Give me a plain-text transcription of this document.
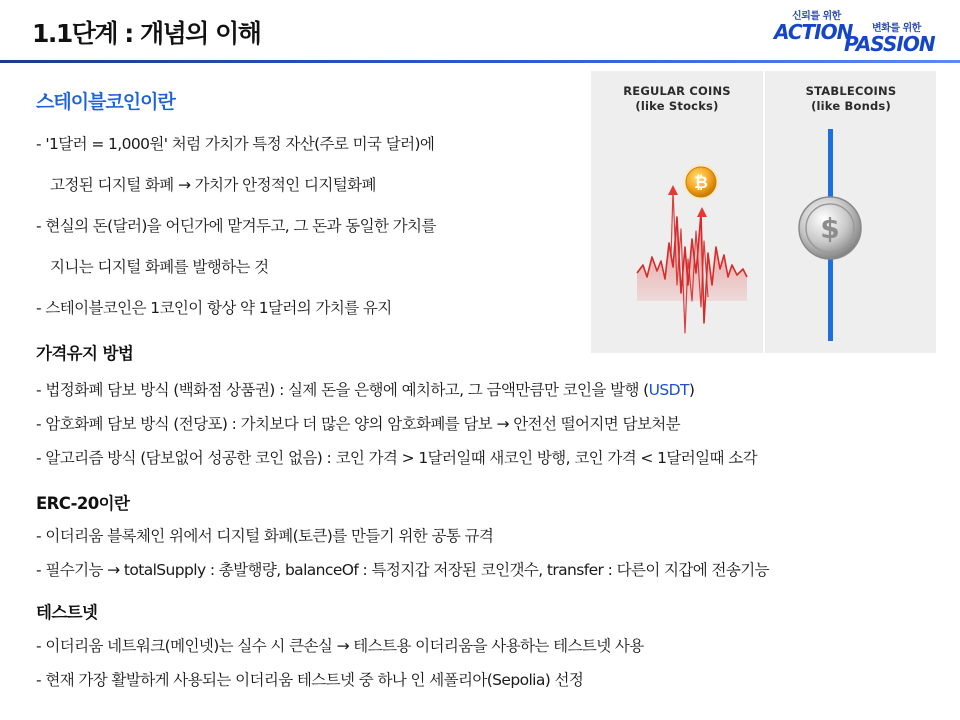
1.1단계 : 개념의 이해
신뢰를 위한
ACTION 변화를 위한
PASSION
REGULAR COINS
(like Stocks)
STABLECOINS
(like Bonds)
₿
$
스테이블코인이란
- '1달러 = 1,000원' 처럼 가치가 특정 자산(주로 미국 달러)에
고정된 디지털 화폐 → 가치가 안정적인 디지털화폐
- 현실의 돈(달러)을 어딘가에 맡겨두고, 그 돈과 동일한 가치를
지니는 디지털 화폐를 발행하는 것
- 스테이블코인은 1코인이 항상 약 1달러의 가치를 유지
가격유지 방법
- 법정화폐 담보 방식 (백화점 상품권) : 실제 돈을 은행에 예치하고, 그 금액만큼만 코인을 발행 (USDT)
- 암호화폐 담보 방식 (전당포) : 가치보다 더 많은 양의 암호화폐를 담보 → 안전선 떨어지면 담보처분
- 알고리즘 방식 (담보없어 성공한 코인 없음) : 코인 가격 > 1달러일때 새코인 방행, 코인 가격 < 1달러일때 소각
ERC-20이란
- 이더리움 블록체인 위에서 디지털 화폐(토큰)를 만들기 위한 공통 규격
- 필수기능 → totalSupply : 총발행량, balanceOf : 특정지갑 저장된 코인갯수, transfer : 다른이 지갑에 전송기능
테스트넷
- 이더리움 네트워크(메인넷)는 실수 시 큰손실 → 테스트용 이더리움을 사용하는 테스트넷 사용
- 현재 가장 활발하게 사용되는 이더리움 테스트넷 중 하나 인 세폴리아(Sepolia) 선정
